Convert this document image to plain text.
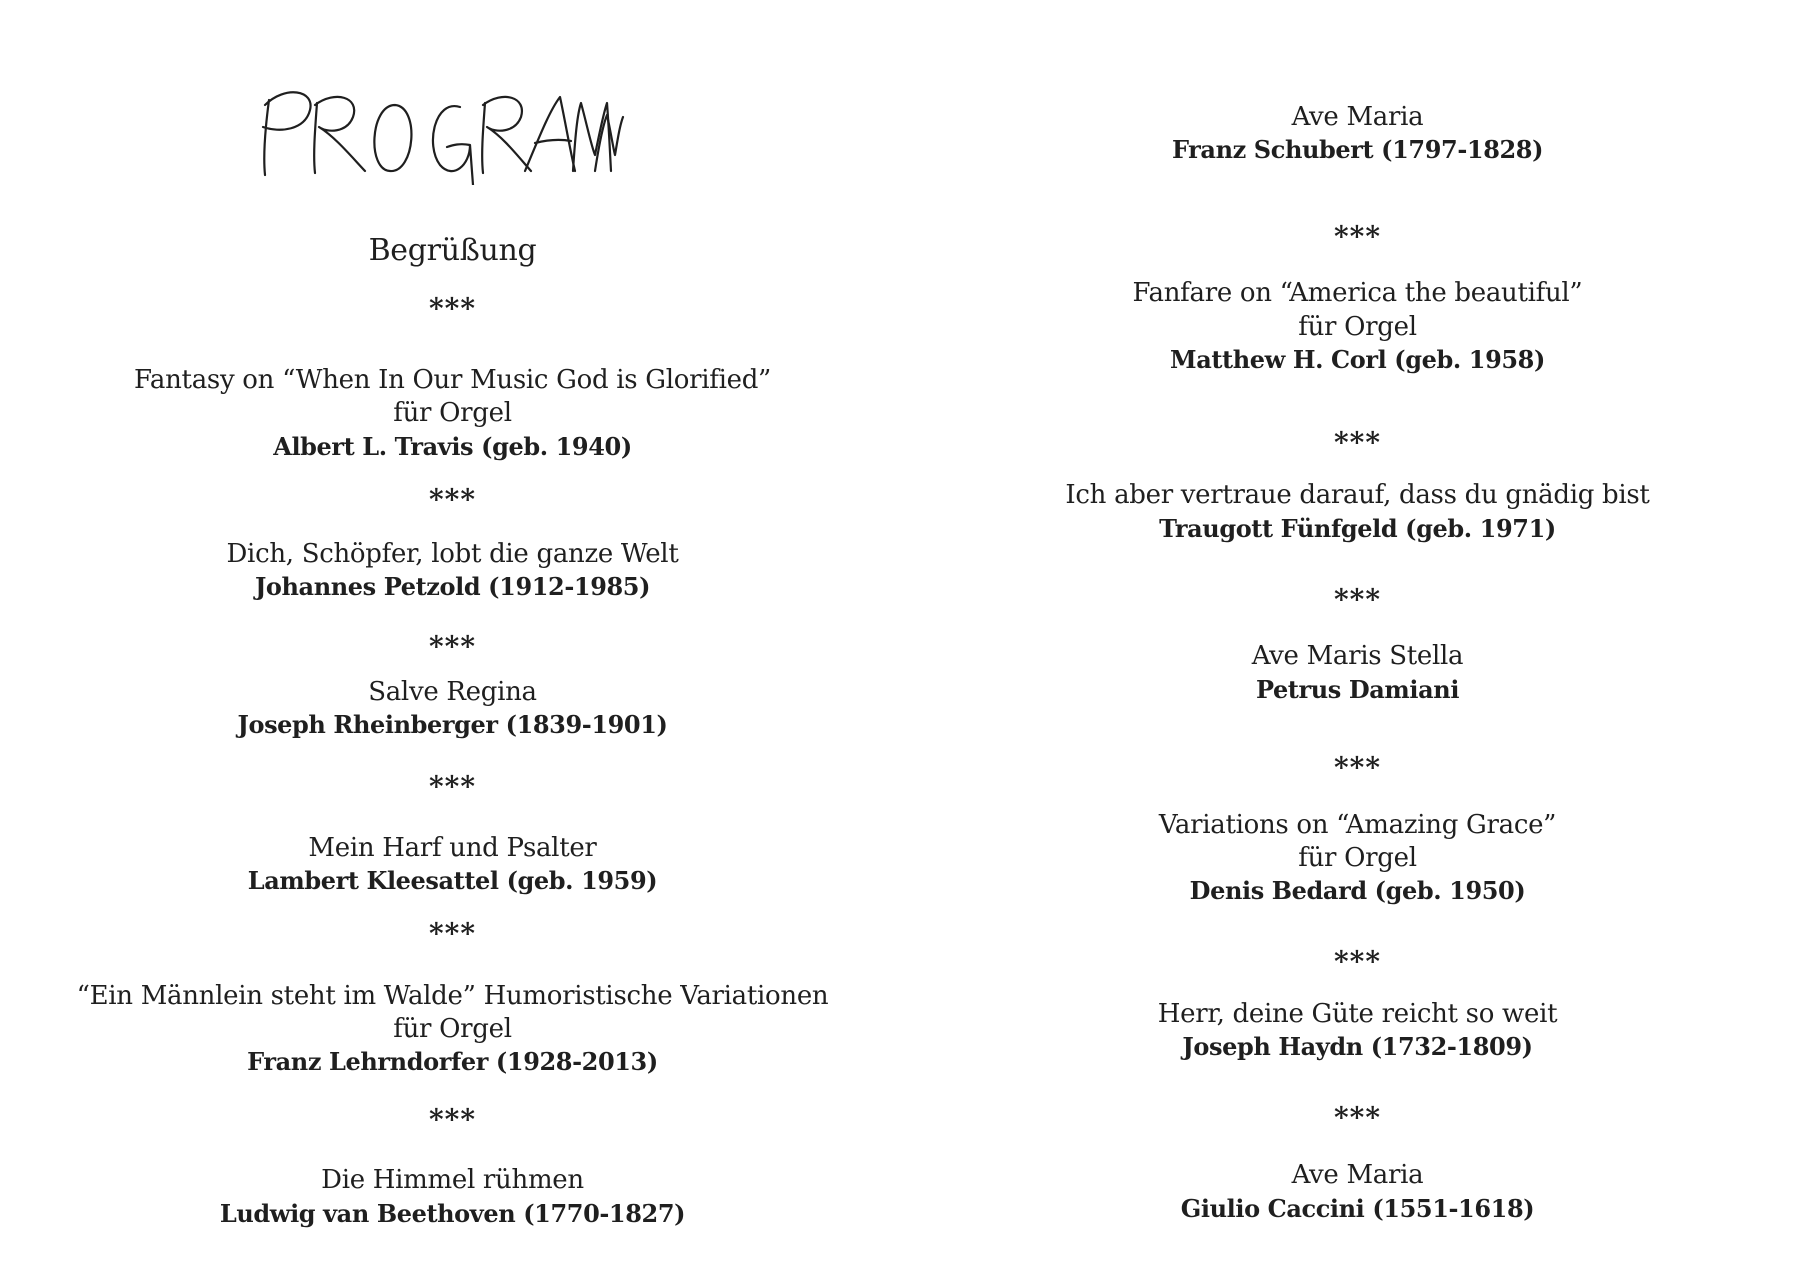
Begrüßung
***
Fantasy on “When In Our Music God is Glorified”
für Orgel
Albert L. Travis (geb. 1940)
***
Dich, Schöpfer, lobt die ganze Welt
Johannes Petzold (1912-1985)
***
Salve Regina
Joseph Rheinberger (1839-1901)
***
Mein Harf und Psalter
Lambert Kleesattel (geb. 1959)
***
“Ein Männlein steht im Walde” Humoristische Variationen
für Orgel
Franz Lehrndorfer (1928-2013)
***
Die Himmel rühmen
Ludwig van Beethoven (1770-1827)
Ave Maria
Franz Schubert (1797-1828)
***
Fanfare on “America the beautiful”
für Orgel
Matthew H. Corl (geb. 1958)
***
Ich aber vertraue darauf, dass du gnädig bist
Traugott Fünfgeld (geb. 1971)
***
Ave Maris Stella
Petrus Damiani
***
Variations on “Amazing Grace”
für Orgel
Denis Bedard (geb. 1950)
***
Herr, deine Güte reicht so weit
Joseph Haydn (1732-1809)
***
Ave Maria
Giulio Caccini (1551-1618)
